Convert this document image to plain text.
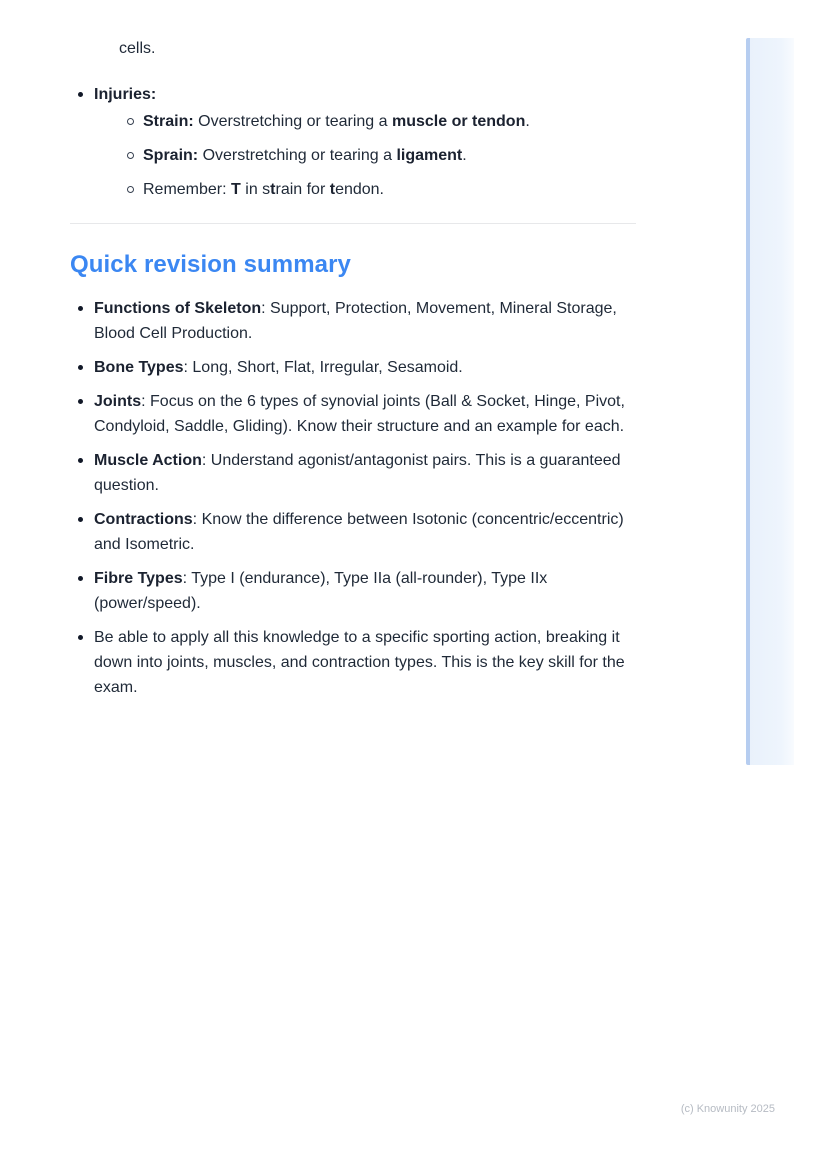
cells.

Injuries:
Strain: Overstretching or tearing a muscle or tendon.
Sprain: Overstretching or tearing a ligament.
Remember: T in strain for tendon.
Quick revision summary
Functions of Skeleton: Support, Protection, Movement, Mineral Storage, Blood Cell Production.
Bone Types: Long, Short, Flat, Irregular, Sesamoid.
Joints: Focus on the 6 types of synovial joints (Ball & Socket, Hinge, Pivot, Condyloid, Saddle, Gliding). Know their structure and an example for each.
Muscle Action: Understand agonist/antagonist pairs. This is a guaranteed question.
Contractions: Know the difference between Isotonic (concentric/eccentric) and Isometric.
Fibre Types: Type I (endurance), Type IIa (all-rounder), Type IIx (power/speed).
Be able to apply all this knowledge to a specific sporting action, breaking it down into joints, muscles, and contraction types. This is the key skill for the exam.
(c) Knowunity 2025
